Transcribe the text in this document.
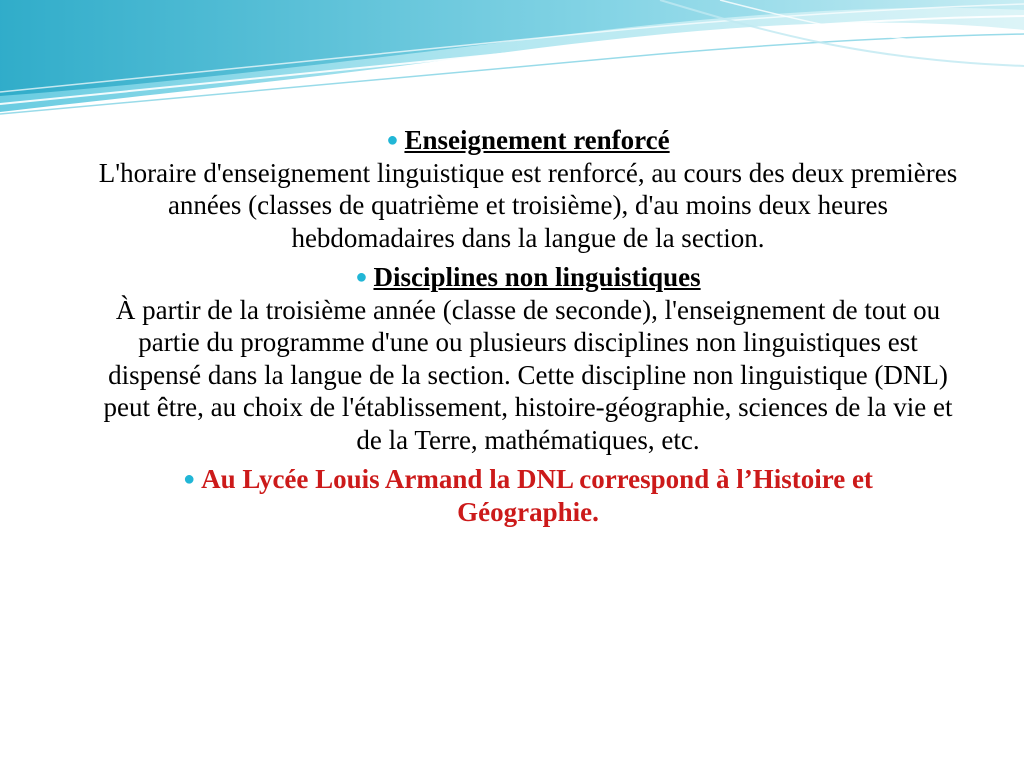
● Enseignement renforcé
L'horaire d'enseignement linguistique est renforcé, au cours des deux premières années (classes de quatrième et troisième), d'au moins deux heures hebdomadaires dans la langue de la section.
● Disciplines non linguistiques
À partir de la troisième année (classe de seconde), l'enseignement de tout ou partie du programme d'une ou plusieurs disciplines non linguistiques est dispensé dans la langue de la section. Cette discipline non linguistique (DNL) peut être, au choix de l'établissement, histoire-géographie, sciences de la vie et de la Terre, mathématiques, etc.
● Au Lycée Louis Armand la DNL correspond à l’Histoire et Géographie.
